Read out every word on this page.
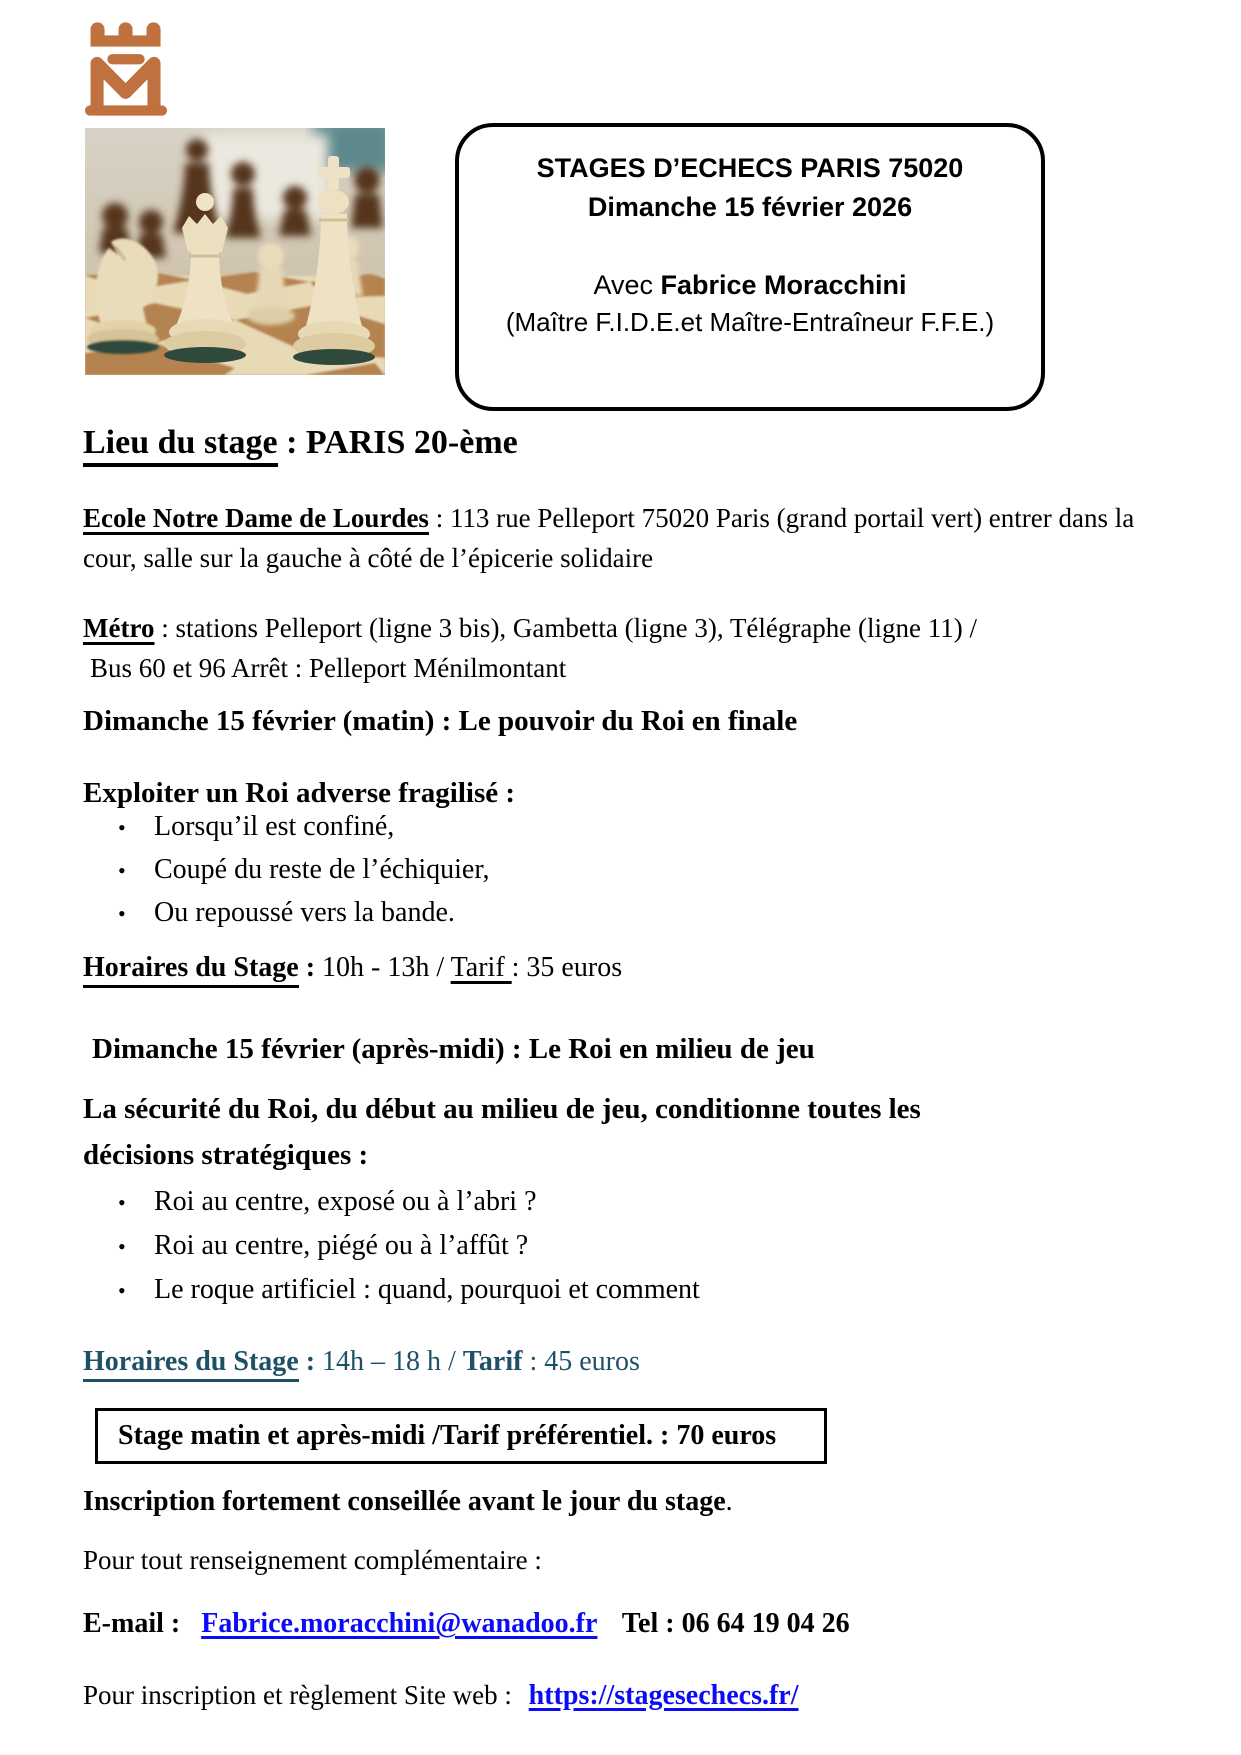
STAGES D’ECHECS PARIS 75020
Dimanche 15 février 2026
Avec Fabrice Moracchini
(Maître F.I.D.E.et Maître-Entraîneur F.F.E.)
Lieu du stage : PARIS 20-ème
Ecole Notre Dame de Lourdes : 113 rue Pelleport 75020 Paris (grand portail vert) entrer dans la cour, salle sur la gauche à côté de l’épicerie solidaire
Métro : stations Pelleport (ligne 3 bis), Gambetta (ligne 3), Télégraphe (ligne 11) /
Bus 60 et 96 Arrêt : Pelleport Ménilmontant
Dimanche 15 février (matin) : Le pouvoir du Roi en finale
Exploiter un Roi adverse fragilisé :
•	Lorsqu’il est confiné,
•	Coupé du reste de l’échiquier,
•	Ou repoussé vers la bande.
Horaires du Stage : 10h - 13h / Tarif : 35 euros
Dimanche 15 février (après-midi) : Le Roi en milieu de jeu
La sécurité du Roi, du début au milieu de jeu, conditionne toutes les décisions stratégiques :
•	Roi au centre, exposé ou à l’abri ?
•	Roi au centre, piégé ou à l’affût ?
•	Le roque artificiel : quand, pourquoi et comment
Horaires du Stage : 14h – 18 h / Tarif : 45 euros
Stage matin et après-midi /Tarif préférentiel. : 70 euros
Inscription fortement conseillée avant le jour du stage.
Pour tout renseignement complémentaire :
E-mail : Fabrice.moracchini@wanadoo.fr Tel : 06 64 19 04 26
Pour inscription et règlement Site web : https://stagesechecs.fr/
